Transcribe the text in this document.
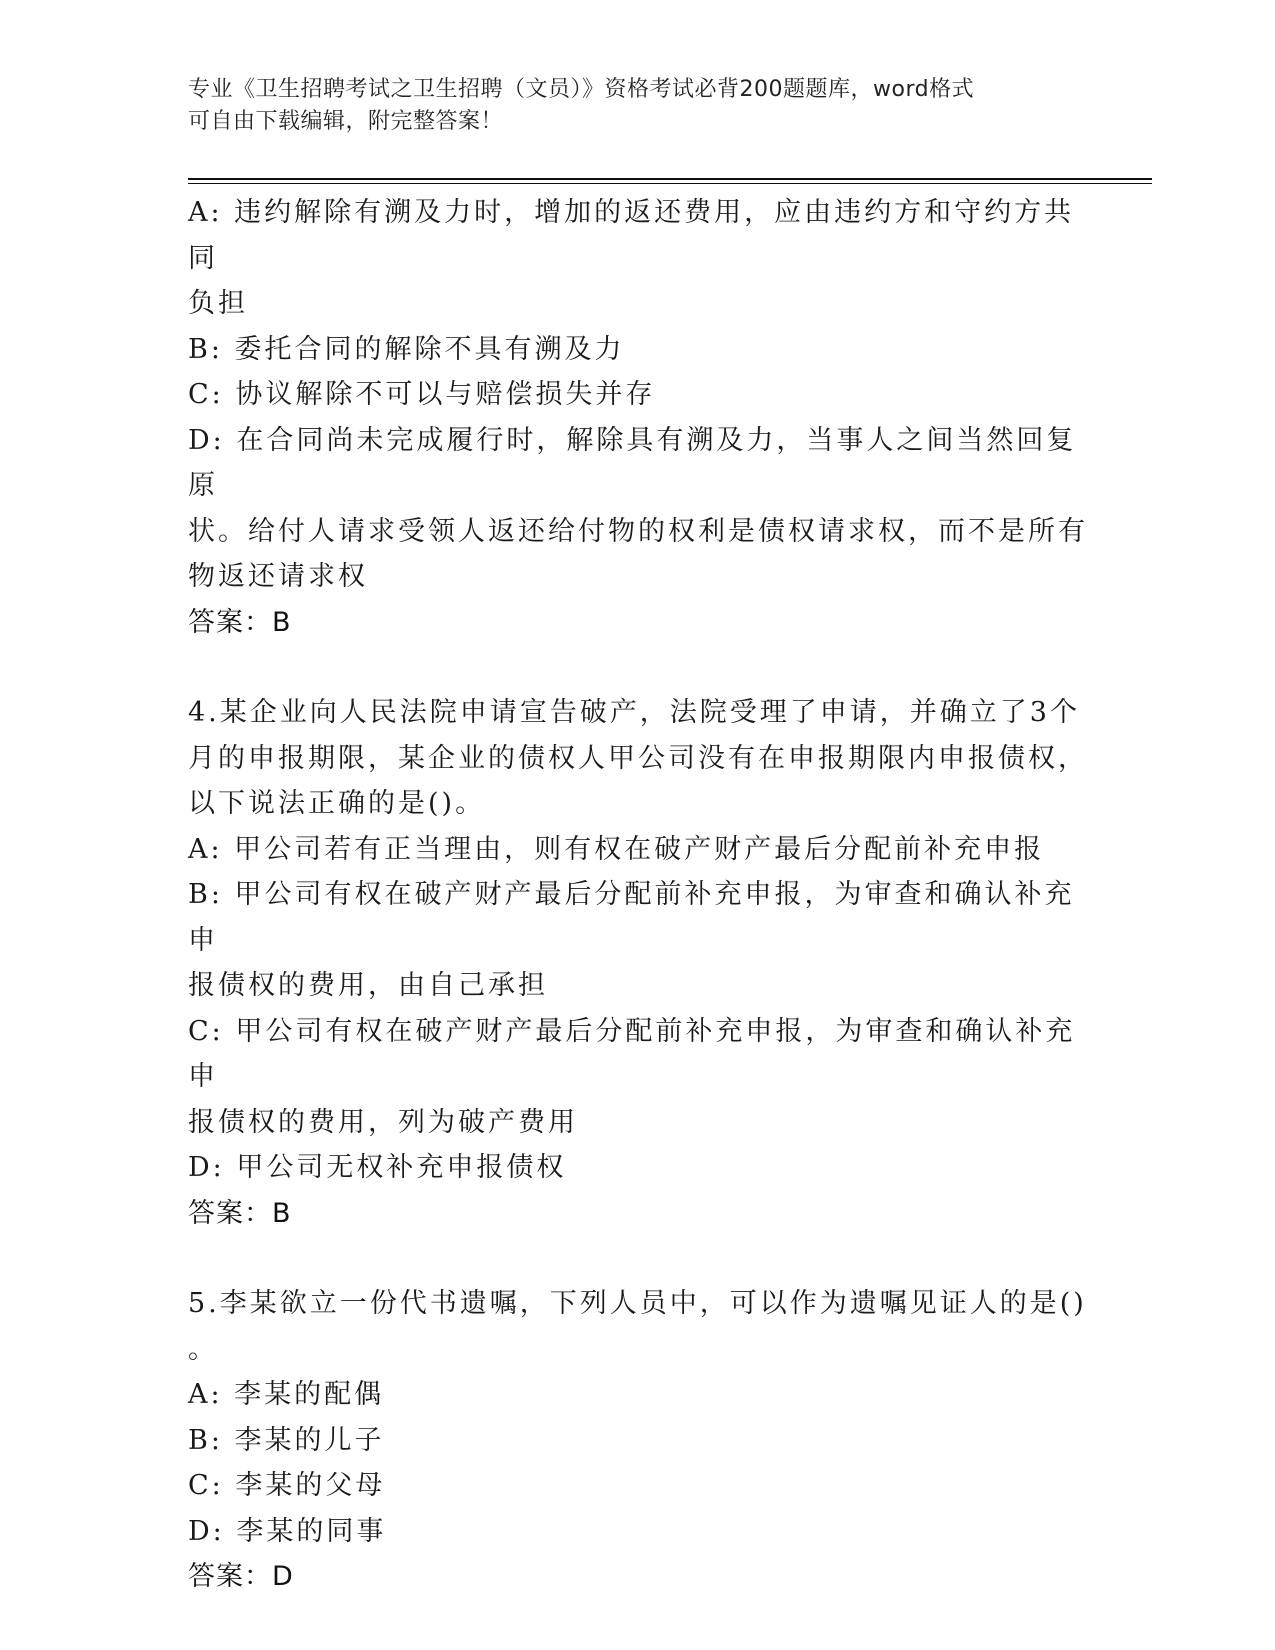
专业《卫生招聘考试之卫生招聘（文员）》资格考试必背200题题库，word格式
可自由下载编辑，附完整答案！
A: 违约解除有溯及力时，增加的返还费用，应由违约方和守约方共同
负担
B: 委托合同的解除不具有溯及力
C: 协议解除不可以与赔偿损失并存
D: 在合同尚未完成履行时，解除具有溯及力，当事人之间当然回复原
状。给付人请求受领人返还给付物的权利是债权请求权，而不是所有
物返还请求权
答案：B
4.某企业向人民法院申请宣告破产，法院受理了申请，并确立了3个
月的申报期限，某企业的债权人甲公司没有在申报期限内申报债权，
以下说法正确的是()。
A: 甲公司若有正当理由，则有权在破产财产最后分配前补充申报
B: 甲公司有权在破产财产最后分配前补充申报，为审查和确认补充申
报债权的费用，由自己承担
C: 甲公司有权在破产财产最后分配前补充申报，为审查和确认补充申
报债权的费用，列为破产费用
D: 甲公司无权补充申报债权
答案：B
5.李某欲立一份代书遗嘱，下列人员中，可以作为遗嘱见证人的是()
。
A: 李某的配偶
B: 李某的儿子
C: 李某的父母
D: 李某的同事
答案：D
